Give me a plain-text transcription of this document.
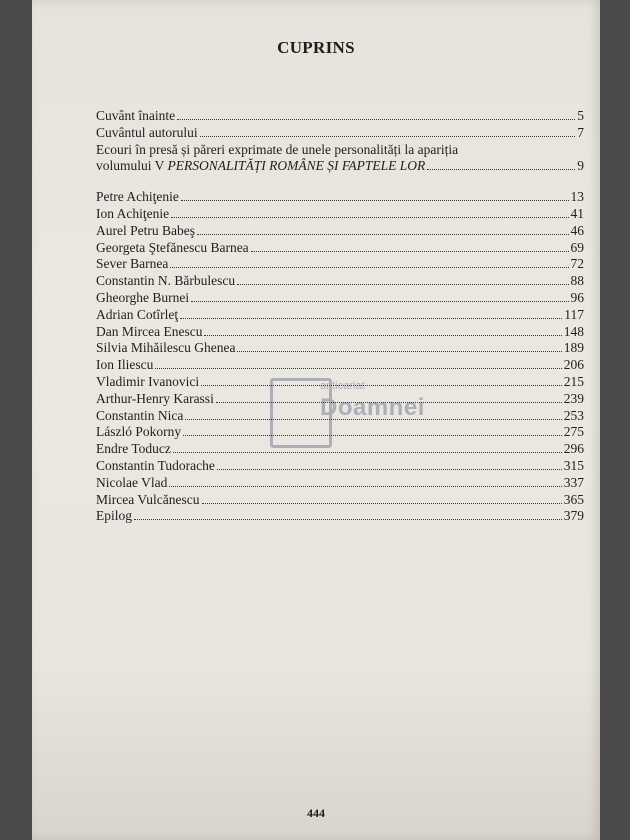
CUPRINS
Cuvânt înainte	5
Cuvântul autorului	7
Ecouri în presă și păreri exprimate de unele personalități la apariția
volumului V PERSONALITĂȚI ROMÂNE ȘI FAPTELE LOR	9
Petre Achiţenie	13
Ion Achiţenie	41
Aurel Petru Babeş	46
Georgeta Ştefănescu Barnea	69
Sever Barnea	72
Constantin N. Bărbulescu	88
Gheorghe Burnei	96
Adrian Cotîrleţ	117
Dan Mircea Enescu	148
Silvia Mihăilescu Ghenea	189
Ion Iliescu	206
Vladimir Ivanovici	215
Arthur-Henry Karassi	239
Constantin Nica	253
László Pokorny	275
Endre Toducz	296
Constantin Tudorache	315
Nicolae Vlad	337
Mircea Vulcănescu	365
Epilog	379
anticariat
Doamnei
444
